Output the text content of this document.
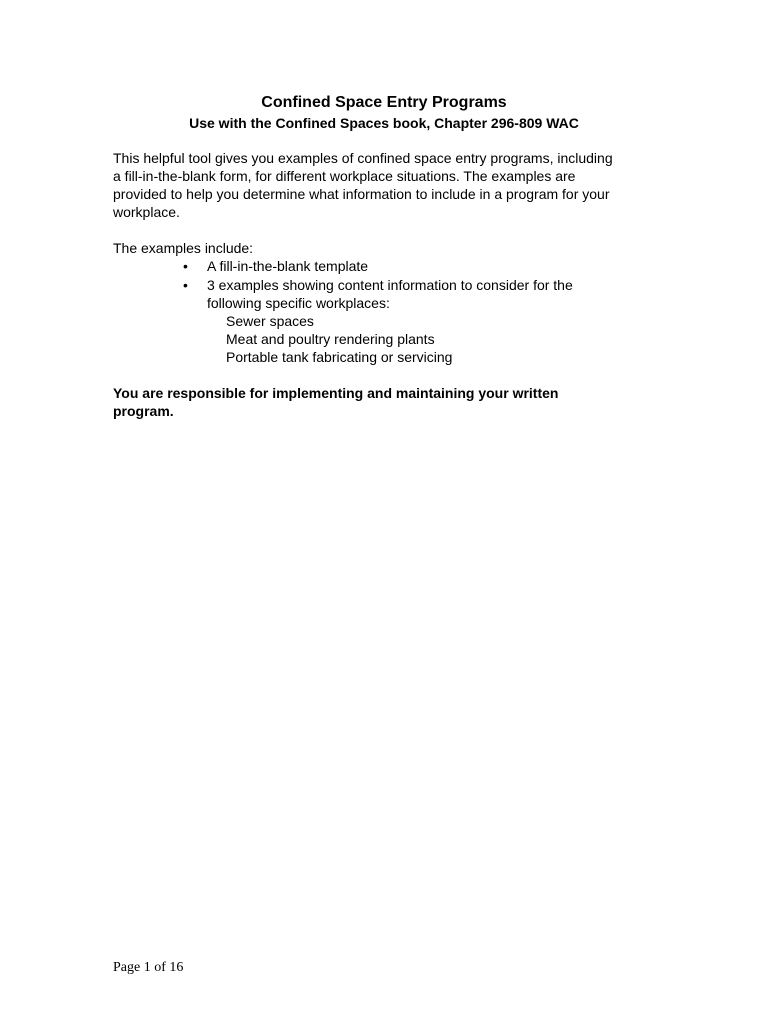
Confined Space Entry Programs
Use with the Confined Spaces book, Chapter 296-809 WAC
This helpful tool gives you examples of confined space entry programs, including
a fill-in-the-blank form, for different workplace situations. The examples are
provided to help you determine what information to include in a program for your
workplace.
The examples include:
• A fill-in-the-blank template
• 3 examples showing content information to consider for the
following specific workplaces:
Sewer spaces
Meat and poultry rendering plants
Portable tank fabricating or servicing
You are responsible for implementing and maintaining your written
program.
Page 1 of 16
